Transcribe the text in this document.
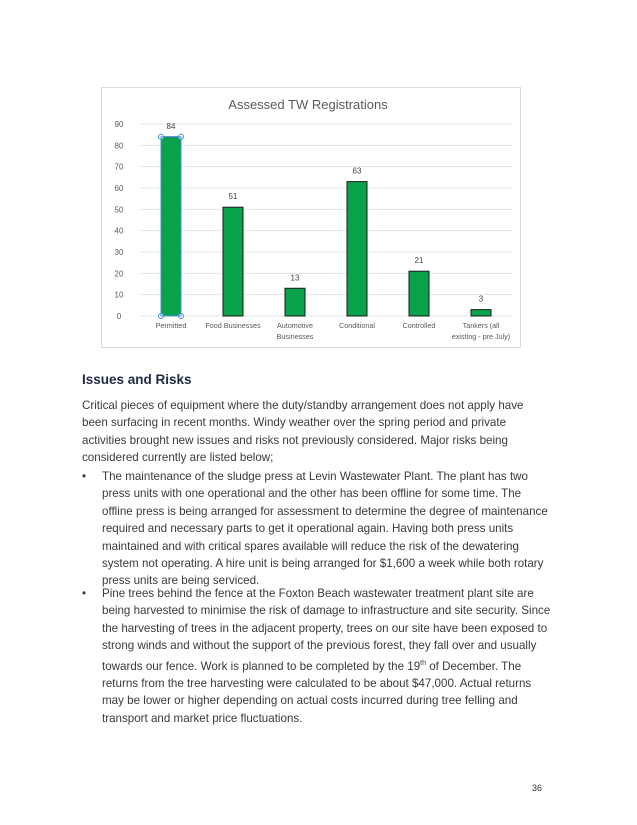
Assessed TW Registrations
0
10
20
30
40
50
60
70
80
90	84
Permitted
51
Food Businesses
13
Automotive
Businesses
63
Conditional
21
Controlled
3
Tankers (all
existing - pre July)
Issues and Risks
Critical pieces of equipment where the duty/standby arrangement does not apply have been surfacing in recent months. Windy weather over the spring period and private activities brought new issues and risks not previously considered. Major risks being considered currently are listed below;
• The maintenance of the sludge press at Levin Wastewater Plant. The plant has two press units with one operational and the other has been offline for some time. The offline press is being arranged for assessment to determine the degree of maintenance required and necessary parts to get it operational again. Having both press units maintained and with critical spares available will reduce the risk of the dewatering system not operating. A hire unit is being arranged for $1,600 a week while both rotary press units are being serviced.
• Pine trees behind the fence at the Foxton Beach wastewater treatment plant site are being harvested to minimise the risk of damage to infrastructure and site security. Since the harvesting of trees in the adjacent property, trees on our site have been exposed to strong winds and without the support of the previous forest, they fall over and usually towards our fence. Work is planned to be completed by the 19th of December. The returns from the tree harvesting were calculated to be about $47,000. Actual returns may be lower or higher depending on actual costs incurred during tree felling and transport and market price fluctuations.
36
